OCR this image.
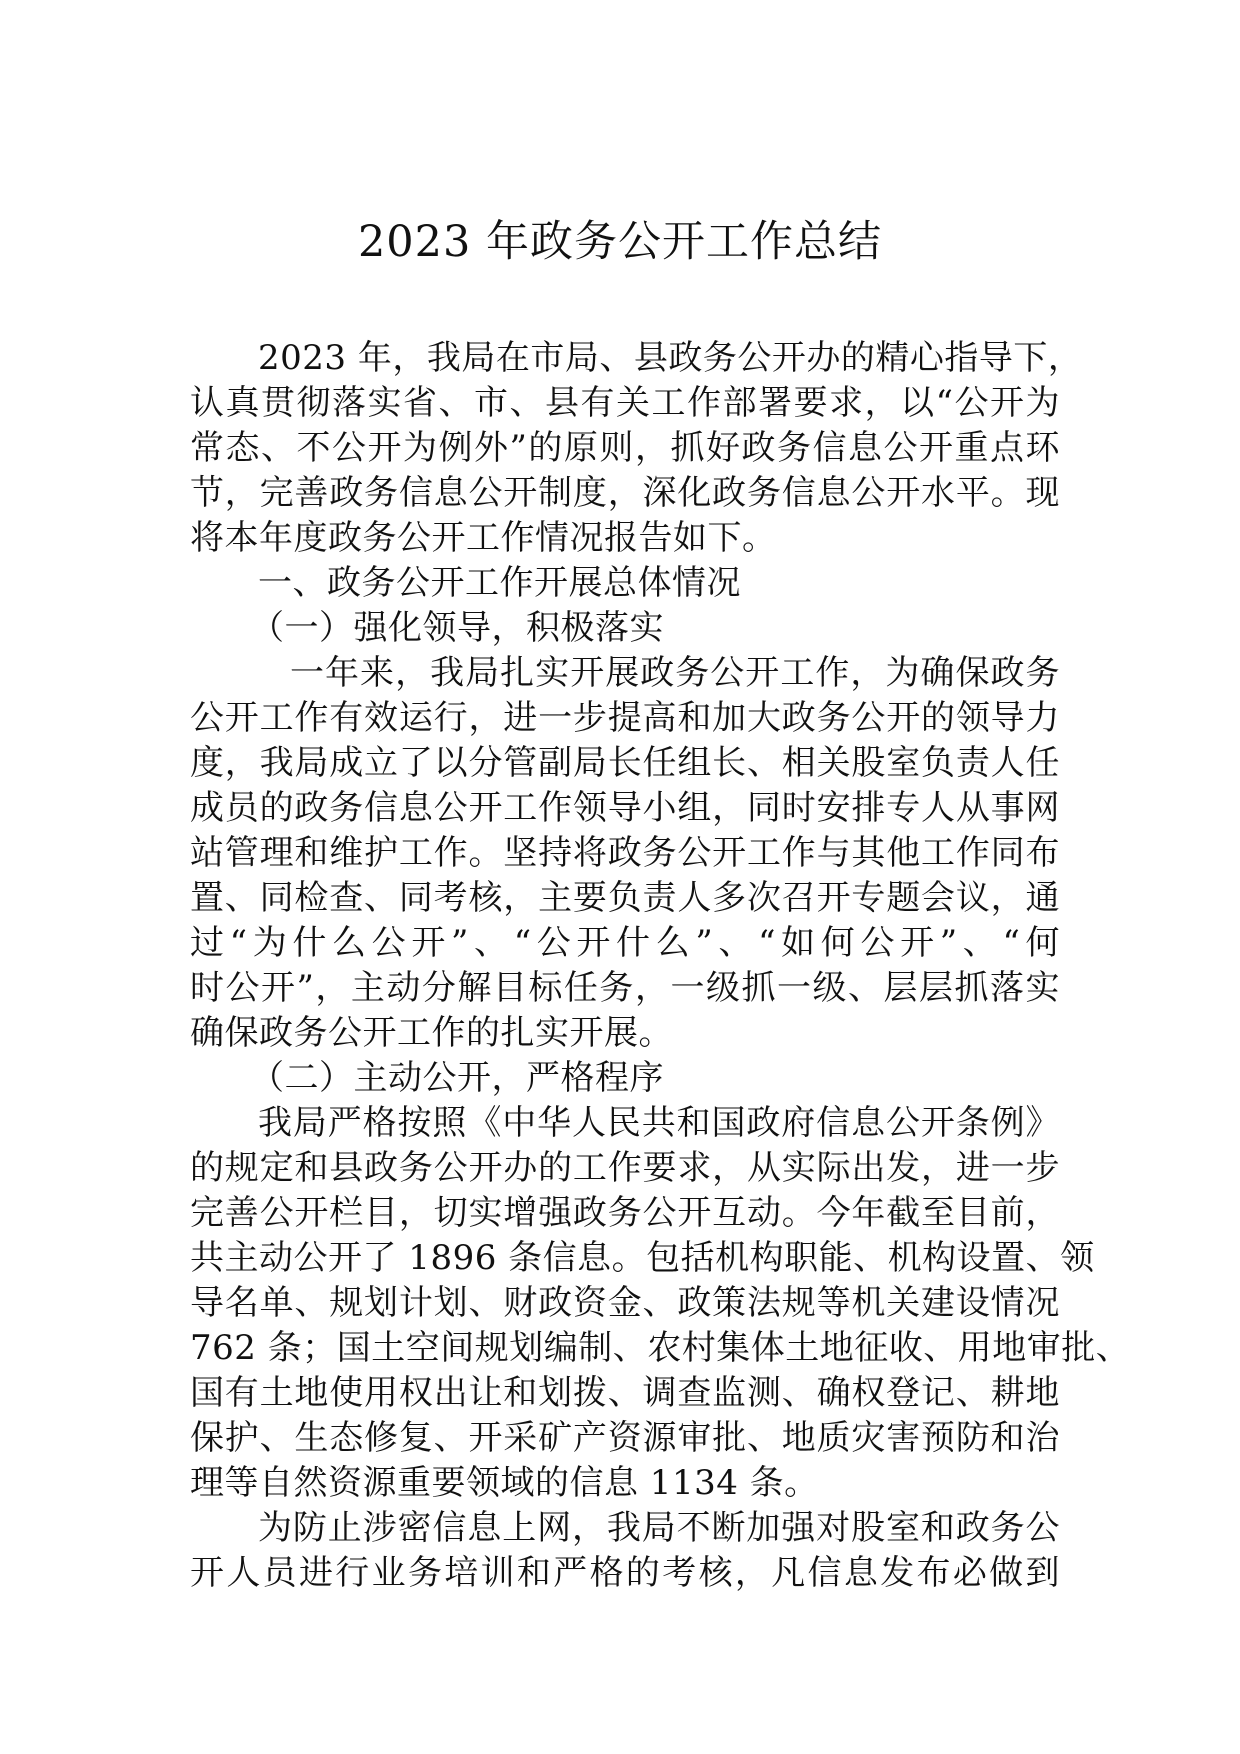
2023 年政务公开工作总结
2023 年，我局在市局、县政务公开办的精心指导下，
认真贯彻落实省、市、县有关工作部署要求，以“公开为
常态、不公开为例外”的原则，抓好政务信息公开重点环
节，完善政务信息公开制度，深化政务信息公开水平。现
将本年度政务公开工作情况报告如下。
一、政务公开工作开展总体情况
（一）强化领导，积极落实
一年来，我局扎实开展政务公开工作，为确保政务
公开工作有效运行，进一步提高和加大政务公开的领导力
度，我局成立了以分管副局长任组长、相关股室负责人任
成员的政务信息公开工作领导小组，同时安排专人从事网
站管理和维护工作。坚持将政务公开工作与其他工作同布
置、同检查、同考核，主要负责人多次召开专题会议，通
过“为什么公开”、“公开什么”、“如何公开”、“何
时公开”，主动分解目标任务，一级抓一级、层层抓落实
确保政务公开工作的扎实开展。
（二）主动公开，严格程序
我局严格按照《中华人民共和国政府信息公开条例》
的规定和县政务公开办的工作要求，从实际出发，进一步
完善公开栏目，切实增强政务公开互动。今年截至目前，
共主动公开了 1896 条信息。包括机构职能、机构设置、领
导名单、规划计划、财政资金、政策法规等机关建设情况
762 条；国土空间规划编制、农村集体土地征收、用地审批、
国有土地使用权出让和划拨、调查监测、确权登记、耕地
保护、生态修复、开采矿产资源审批、地质灾害预防和治
理等自然资源重要领域的信息 1134 条。
为防止涉密信息上网，我局不断加强对股室和政务公
开人员进行业务培训和严格的考核，凡信息发布必做到
